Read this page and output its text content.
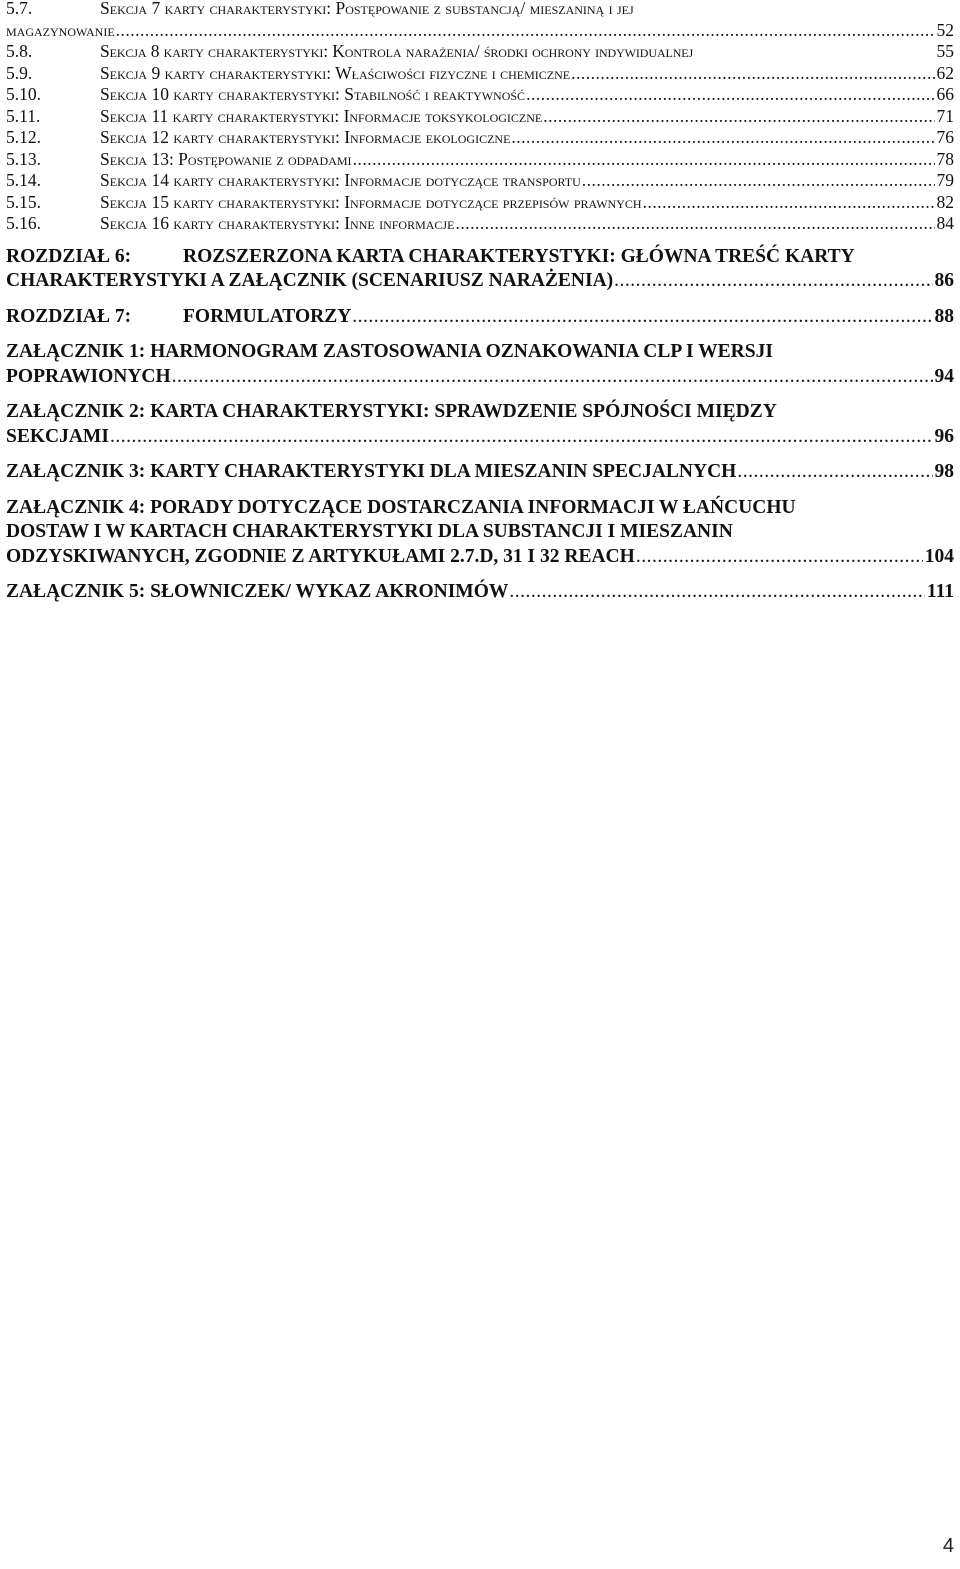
5.7.	Sekcja 7 karty charakterystyki: Postępowanie z substancją/ mieszaniną i jej
magazynowanie .....	52
5.8.	Sekcja 8 karty charakterystyki: Kontrola narażenia/ środki ochrony indywidualnej	55
5.9.	Sekcja 9 karty charakterystyki: Właściwości fizyczne i chemiczne .....	62
5.10.	Sekcja 10 karty charakterystyki: Stabilność i reaktywność .....	66
5.11.	Sekcja 11 karty charakterystyki: Informacje toksykologiczne .....	71
5.12.	Sekcja 12 karty charakterystyki: Informacje ekologiczne .....	76
5.13.	Sekcja 13: Postępowanie z odpadami .....	78
5.14.	Sekcja 14 karty charakterystyki: Informacje dotyczące transportu .....	79
5.15.	Sekcja 15 karty charakterystyki: Informacje dotyczące przepisów prawnych .....	82
5.16.	Sekcja 16 karty charakterystyki: Inne informacje .....	84
ROZDZIAŁ 6:	ROZSZERZONA KARTA CHARAKTERYSTYKI: GŁÓWNA TREŚĆ KARTY
CHARAKTERYSTYKI A ZAŁĄCZNIK (SCENARIUSZ NARAŻENIA) .....	86
ROZDZIAŁ 7:	FORMULATORZY .....	88
ZAŁĄCZNIK 1: HARMONOGRAM ZASTOSOWANIA OZNAKOWANIA CLP I WERSJI
POPRAWIONYCH .....	94
ZAŁĄCZNIK 2: KARTA CHARAKTERYSTYKI: SPRAWDZENIE SPÓJNOŚCI MIĘDZY
SEKCJAMI .....	96
ZAŁĄCZNIK 3: KARTY CHARAKTERYSTYKI DLA MIESZANIN SPECJALNYCH .....	98
ZAŁĄCZNIK 4: PORADY DOTYCZĄCE DOSTARCZANIA INFORMACJI W ŁAŃCUCHU
DOSTAW I W KARTACH CHARAKTERYSTYKI DLA SUBSTANCJI I MIESZANIN
ODZYSKIWANYCH, ZGODNIE Z ARTYKUŁAMI 2.7.D, 31 I 32 REACH .....	104
ZAŁĄCZNIK 5: SŁOWNICZEK/ WYKAZ AKRONIMÓW .....	111
4
